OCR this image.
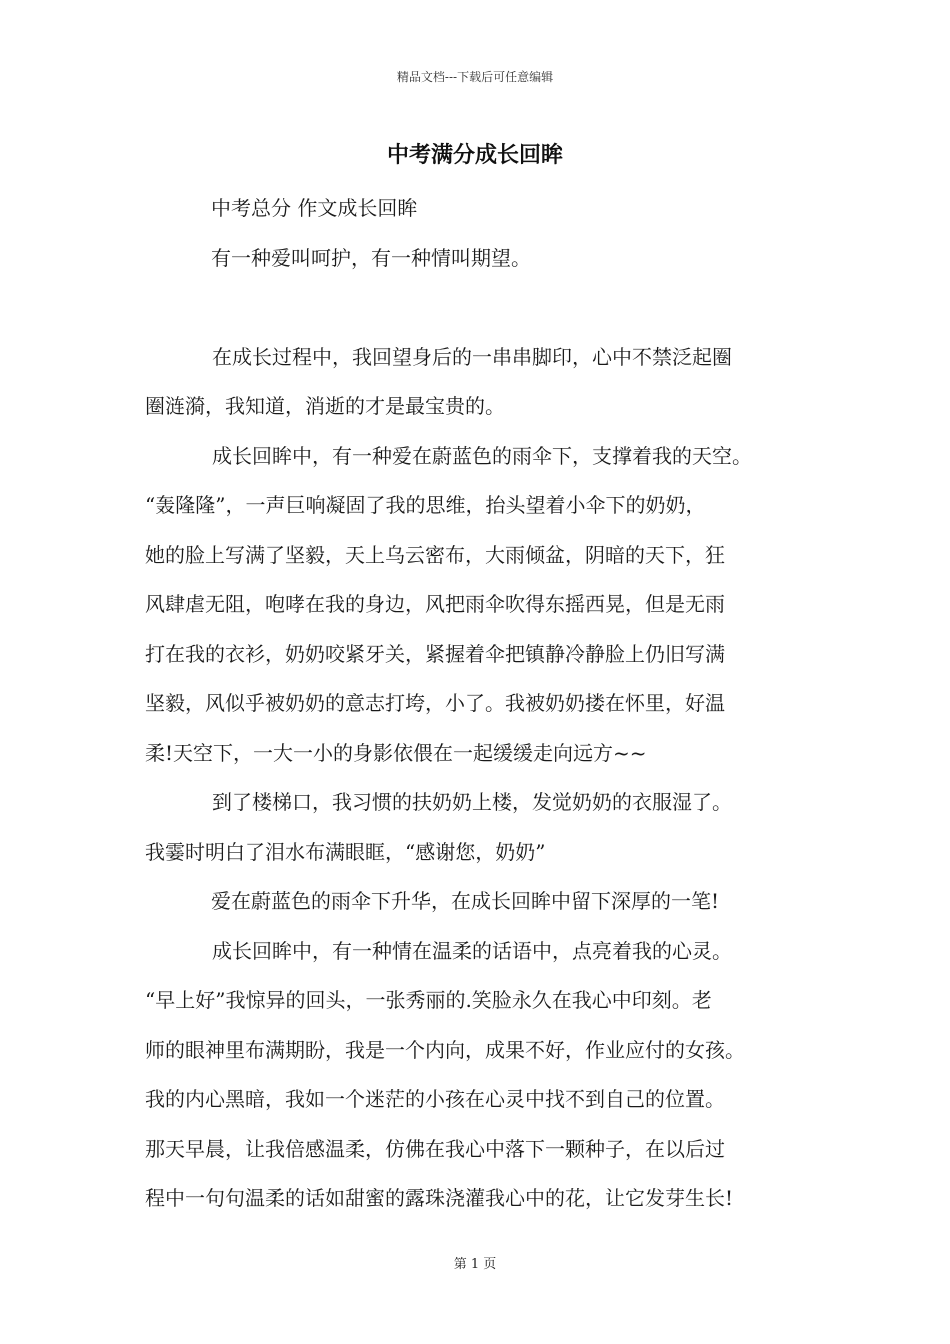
精品文档---下载后可任意编辑
中考满分成长回眸
中考总分 作文成长回眸
有一种爱叫呵护，有一种情叫期望。
在成长过程中，我回望身后的一串串脚印，心中不禁泛起圈
圈涟漪，我知道，消逝的才是最宝贵的。
成长回眸中，有一种爱在蔚蓝色的雨伞下，支撑着我的天空。
“轰隆隆”，一声巨响凝固了我的思维，抬头望着小伞下的奶奶，
她的脸上写满了坚毅，天上乌云密布，大雨倾盆，阴暗的天下，狂
风肆虐无阻，咆哮在我的身边，风把雨伞吹得东摇西晃，但是无雨
打在我的衣衫，奶奶咬紧牙关，紧握着伞把镇静冷静脸上仍旧写满
坚毅，风似乎被奶奶的意志打垮，小了。我被奶奶搂在怀里，好温
柔!天空下，一大一小的身影依偎在一起缓缓走向远方~~
到了楼梯口，我习惯的扶奶奶上楼，发觉奶奶的衣服湿了。
我霎时明白了泪水布满眼眶，“感谢您，奶奶”
爱在蔚蓝色的雨伞下升华，在成长回眸中留下深厚的一笔!
成长回眸中，有一种情在温柔的话语中，点亮着我的心灵。
“早上好”我惊异的回头，一张秀丽的.笑脸永久在我心中印刻。老
师的眼神里布满期盼，我是一个内向，成果不好，作业应付的女孩。
我的内心黑暗，我如一个迷茫的小孩在心灵中找不到自己的位置。
那天早晨，让我倍感温柔，仿佛在我心中落下一颗种子，在以后过
程中一句句温柔的话如甜蜜的露珠浇灌我心中的花，让它发芽生长!
第 1 页
